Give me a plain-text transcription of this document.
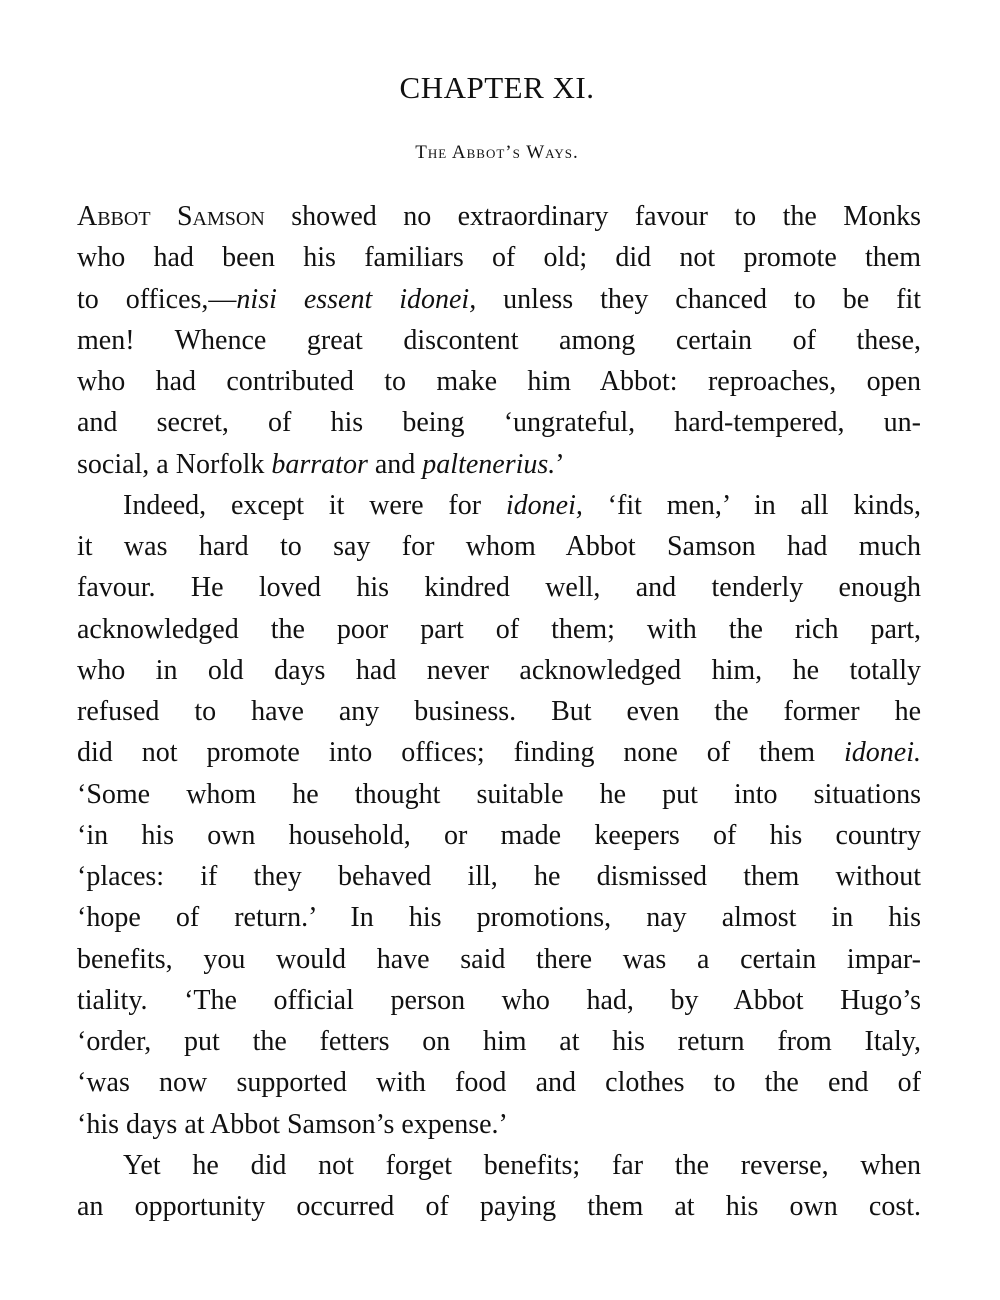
CHAPTER XI.
The Abbot’s Ways.
Abbot Samson showed no extraordinary favour to the Monks
who had been his familiars of old; did not promote them
to offices,—nisi essent idonei, unless they chanced to be fit
men! Whence great discontent among certain of these,
who had contributed to make him Abbot: reproaches, open
and secret, of his being ‘ungrateful, hard-tempered, un-
social, a Norfolk barrator and paltenerius.’
Indeed, except it were for idonei, ‘fit men,’ in all kinds,
it was hard to say for whom Abbot Samson had much
favour. He loved his kindred well, and tenderly enough
acknowledged the poor part of them; with the rich part,
who in old days had never acknowledged him, he totally
refused to have any business. But even the former he
did not promote into offices; finding none of them idonei.
‘Some whom he thought suitable he put into situations
‘in his own household, or made keepers of his country
‘places: if they behaved ill, he dismissed them without
‘hope of return.’ In his promotions, nay almost in his
benefits, you would have said there was a certain impar-
tiality. ‘The official person who had, by Abbot Hugo’s
‘order, put the fetters on him at his return from Italy,
‘was now supported with food and clothes to the end of
‘his days at Abbot Samson’s expense.’
Yet he did not forget benefits; far the reverse, when
an opportunity occurred of paying them at his own cost.
